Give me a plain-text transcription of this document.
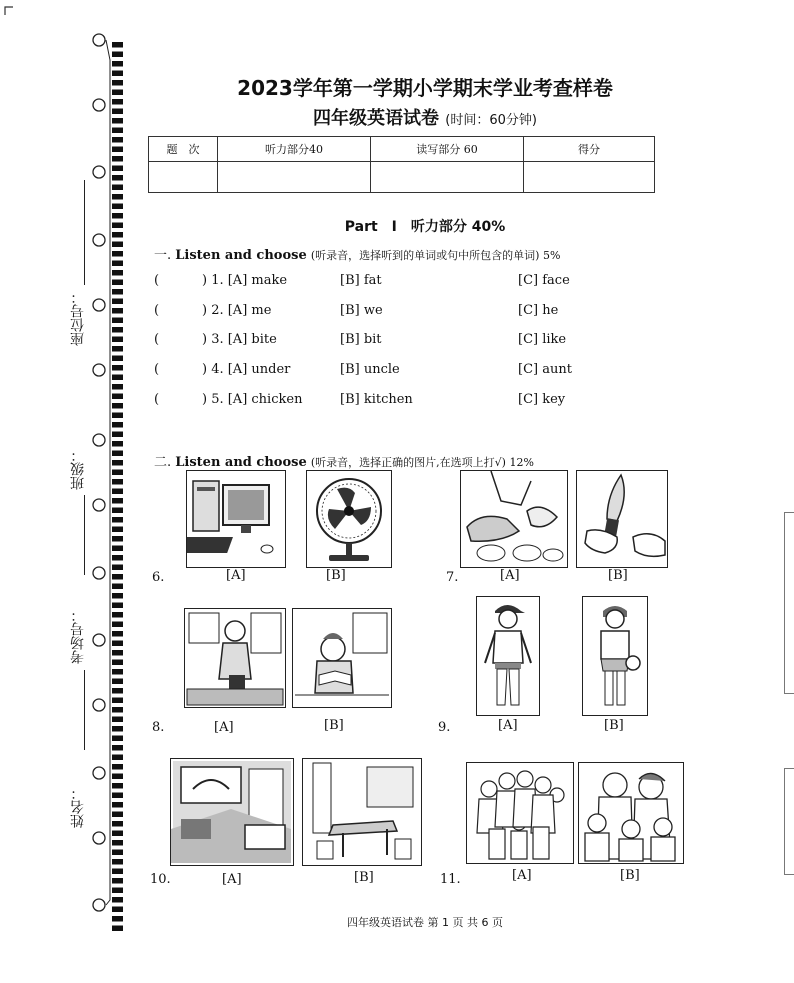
座位号：
班级：
考场号：
姓名：
2023学年第一学期小学期末学业考查样卷
四年级英语试卷 (时间：60分钟)
题　次	听力部分40	读写部分 60	得分

Part　Ⅰ　听力部分 40%
一. Listen and choose (听录音，选择听到的单词或句中所包含的单词) 5%
(	) 1. [A] make	[B] fat	[C] face
(	) 2. [A] me	[B] we	[C] he
(	) 3. [A] bite	[B] bit	[C] like
(	) 4. [A] under	[B] uncle	[C] aunt
(	) 5. [A] chicken	[B] kitchen	[C] key
二. Listen and choose (听录音，选择正确的图片,在选项上打√) 12%
6.	[A]	[B]	7.	[A]	[B]
8.	[A]	[B]	9.	[A]	[B]
10.	[A]	[B]	11.	[A]	[B]
四年级英语试卷 第 1 页 共 6 页
